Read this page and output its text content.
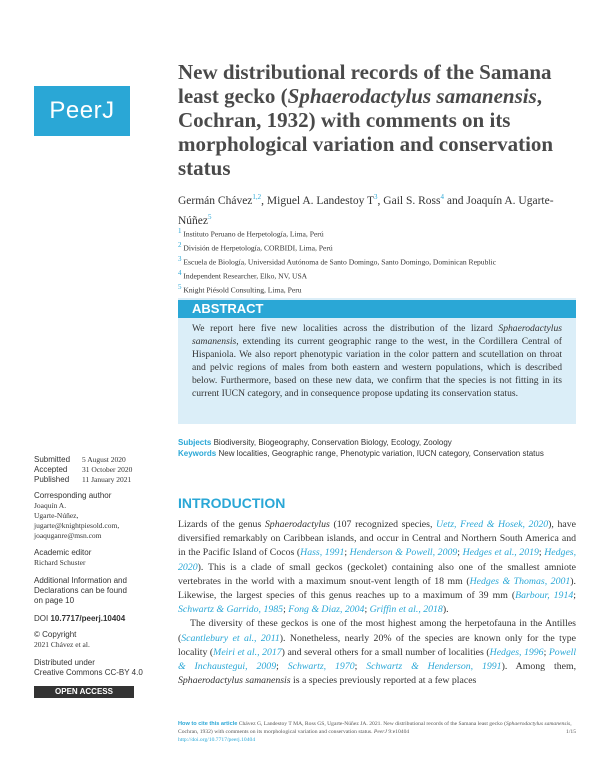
PeerJ
New distributional records of the Samana least gecko (Sphaerodactylus samanensis, Cochran, 1932) with comments on its morphological variation and conservation status
Germán Chávez$^{1,2}$, Miguel A. Landestoy $T^3$, Gail S. Ross$^4$ and Joaquín A. Ugarte-Núñez$^5$
$^1$ Instituto Peruano de Herpetología, Lima, Perú
$^2$ División de Herpetología, CORBIDI, Lima, Perú
$^3$ Escuela de Biología, Universidad Autónoma de Santo Domingo, Santo Domingo, Dominican Republic
$^4$ Independent Researcher, Elko, NV, USA
$^5$ Knight Piésold Consulting, Lima, Peru
ABSTRACT
We report here five new localities across the distribution of the lizard Sphaerodactylus samanensis, extending its current geographic range to the west, in the Cordillera Central of Hispaniola. We also report phenotypic variation in the color pattern and scutellation on throat and pelvic regions of males from both eastern and western populations, which is described below. Furthermore, based on these new data, we confirm that the species is not fitting in its current IUCN category, and in consequence propose updating its conservation status.
Subjects Biodiversity, Biogeography, Conservation Biology, Ecology, Zoology
Keywords New localities, Geographic range, Phenotypic variation, IUCN category, Conservation status
Submitted 5 August 2020
Accepted 31 October 2020
Published 11 January 2021
Corresponding author
Joaquín A.
Ugarte-Núñez,
jugarte@knightpiesold.com,
joaquganre@msn.com
Academic editor
Richard Schuster
Additional Information and Declarations can be found on page 10
DOI 10.7717/peerj.10404
© Copyright
2021 Chávez et al.
Distributed under
Creative Commons CC-BY 4.0
OPEN ACCESS
INTRODUCTION

Lizards of the genus Sphaerodactylus (107 recognized species, Uetz, Freed & Hosek, 2020), have diversified remarkably on Caribbean islands, and occur in Central and Northern South America and in the Pacific Island of Cocos (Hass, 1991; Henderson & Powell, 2009; Hedges et al., 2019; Hedges, 2020). This is a clade of small geckos (geckolet) containing also one of the smallest amniote vertebrates in the world with a maximum snout-vent length of 18 mm (Hedges & Thomas, 2001). Likewise, the largest species of this genus reaches up to a maximum of 39 mm (Barbour, 1914; Schwartz & Garrido, 1985; Fong & Diaz, 2004; Griffin et al., 2018).

The diversity of these geckos is one of the most highest among the herpetofauna in the Antilles (Scantlebury et al., 2011). Nonetheless, nearly 20% of the species are known only for the type locality (Meiri et al., 2017) and several others for a small number of localities (Hedges, 1996; Powell & Inchaustegui, 2009; Schwartz, 1970; Schwartz & Henderson, 1991). Among them, Sphaerodactylus samanensis is a species previously reported at a few places

How to cite this article Chávez G, Landestoy T MA, Ross GS, Ugarte-Núñez JA. 2021. New distributional records of the Samana least gecko (Sphaerodactylus samanensis, Cochran, 1932) with comments on its morphological variation and conservation status. PeerJ 9:e10404	1/15

http://doi.org/10.7717/peerj.10404
